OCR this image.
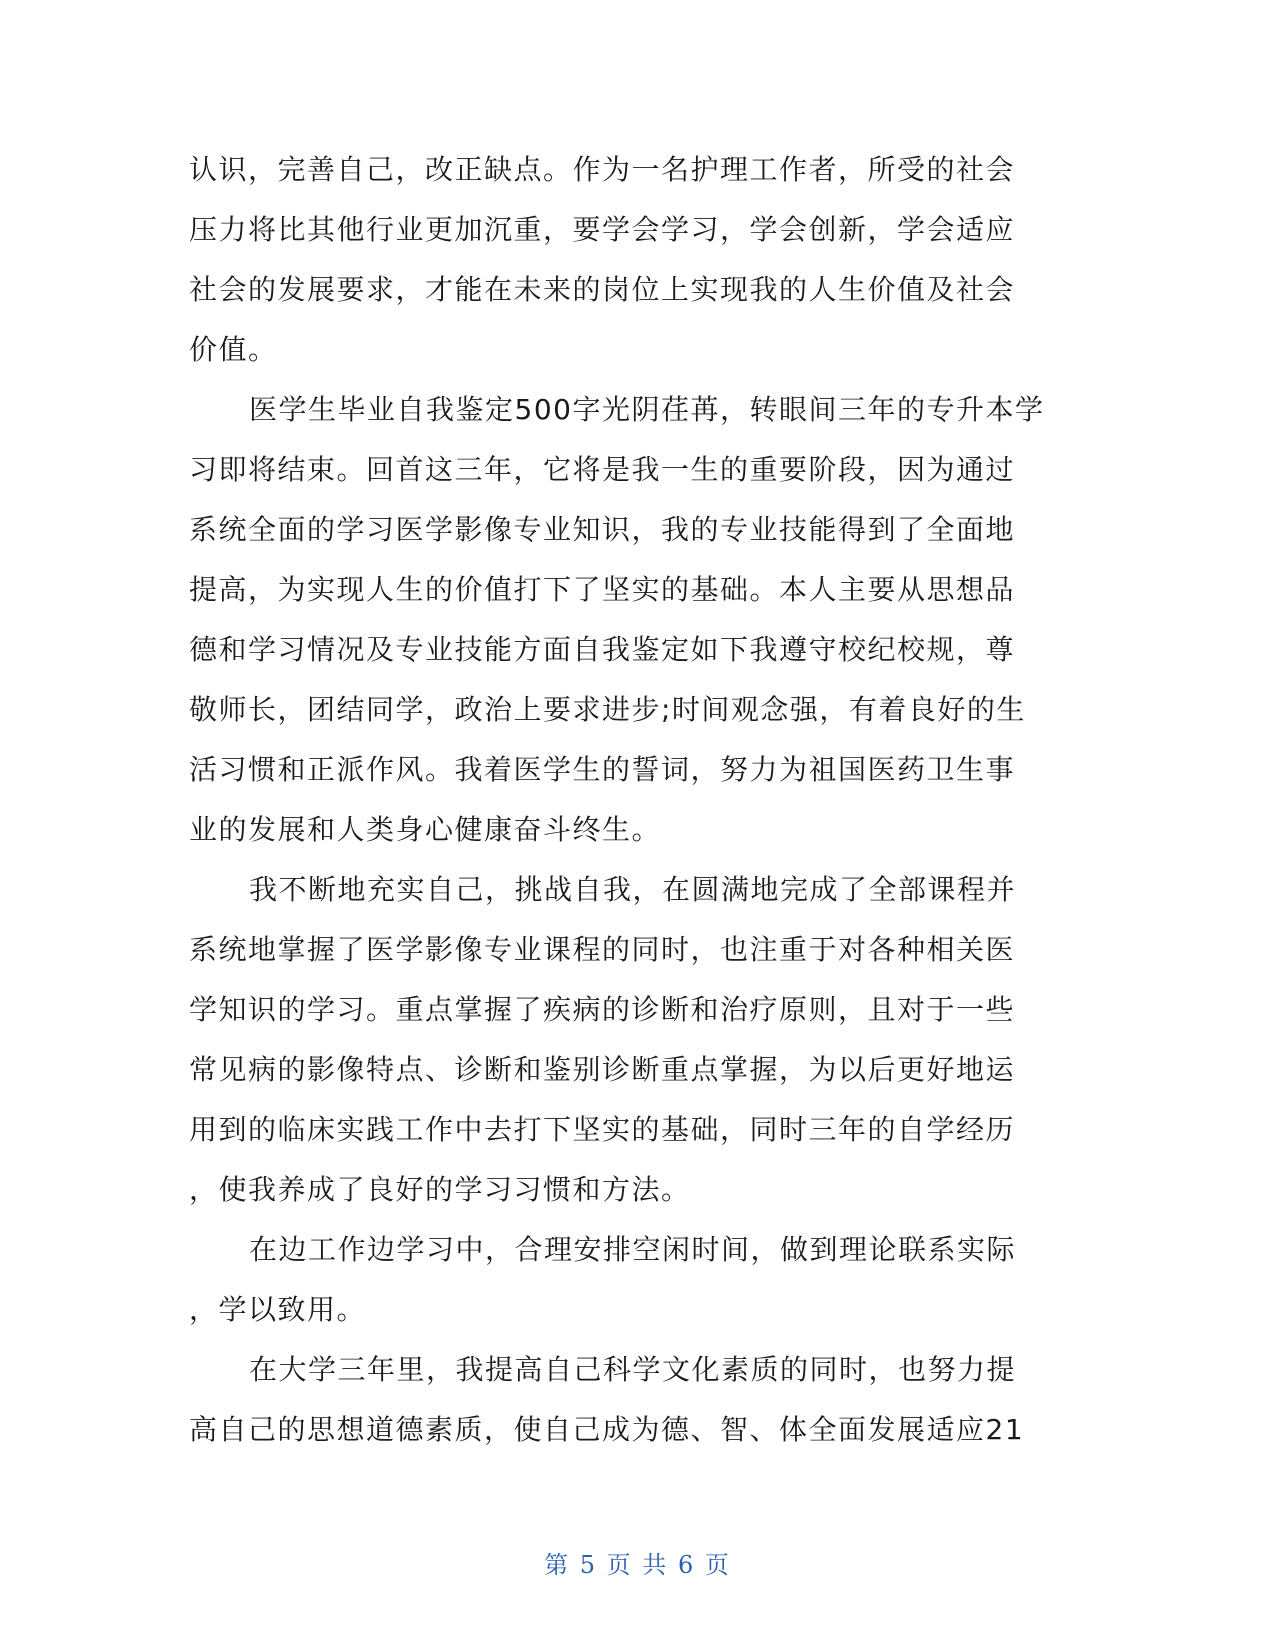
认识，完善自己，改正缺点。作为一名护理工作者，所受的社会
压力将比其他行业更加沉重，要学会学习，学会创新，学会适应
社会的发展要求，才能在未来的岗位上实现我的人生价值及社会
价值。
医学生毕业自我鉴定500字光阴荏苒，转眼间三年的专升本学
习即将结束。回首这三年，它将是我一生的重要阶段，因为通过
系统全面的学习医学影像专业知识，我的专业技能得到了全面地
提高，为实现人生的价值打下了坚实的基础。本人主要从思想品
德和学习情况及专业技能方面自我鉴定如下我遵守校纪校规，尊
敬师长，团结同学，政治上要求进步;时间观念强，有着良好的生
活习惯和正派作风。我着医学生的誓词，努力为祖国医药卫生事
业的发展和人类身心健康奋斗终生。
我不断地充实自己，挑战自我，在圆满地完成了全部课程并
系统地掌握了医学影像专业课程的同时，也注重于对各种相关医
学知识的学习。重点掌握了疾病的诊断和治疗原则，且对于一些
常见病的影像特点、诊断和鉴别诊断重点掌握，为以后更好地运
用到的临床实践工作中去打下坚实的基础，同时三年的自学经历
，使我养成了良好的学习习惯和方法。
在边工作边学习中，合理安排空闲时间，做到理论联系实际
，学以致用。
在大学三年里，我提高自己科学文化素质的同时，也努力提
高自己的思想道德素质，使自己成为德、智、体全面发展适应21
第 5 页 共 6 页
